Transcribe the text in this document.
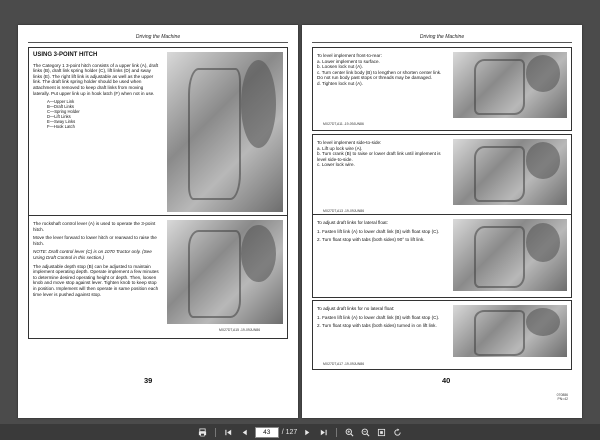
Driving the Machine
USING 3-POINT HITCH

The Category 1 3-point hitch consists of a upper link (A), draft links (B), draft link spring holder (C), lift links (D) and sway links (E). The right lift link is adjustable as well as the upper link. The draft link spring holder should be used when attachment is removed to keep draft links from moving laterally. Put upper link up in hook latch (F) when not in use.

A—Upper Link
B—Draft Links
C—Spring Holder
D—Lift Links
E—Sway Links
F—Hook Latch

The rockshaft control lever (A) is used to operate the 3-point hitch.

Move the lever forward to lower hitch or rearward to raise the hitch.

NOTE: Draft control lever (C) is on 1070 Tractor only. (See Using Draft Control in this section.)

The adjustable depth stop (B) can be adjusted to maintain implement operating depth. Operate implement a few minutes to determine desired operating height or depth. Then, loosen knob and move stop against lever. Tighten knob to keep stop in position. Implement will then operate in same position each time lever is pushed against stop.

MX27DT,A15 -19-09JUN86
39
Driving the Machine
To level implement front-to-rear:
a. Lower implement to surface.
b. Loosen lock nut (A).
c. Turn center link body (B) to lengthen or shorten center link. Do not run body past stops or threads may be damaged.
d. Tighten lock nut (A).
MX27DT,A11 -19-09JUN86
To level implement side-to-side:
a. Lift up lock wire (A).
b. Turn crank (B) to raise or lower draft link until implement is level side-to-side.
c. Lower lock wire.
MX27DT,A13 -19-09JUN86

To adjust draft links for lateral float:

1. Fasten lift link (A) to lower draft link (B) with float stop (C).

2. Turn float stop with tabs (both sides) 90° to lift link.

To adjust draft links for no lateral float:

1. Fasten lift link (A) to lower draft link (B) with float stop (C).

2. Turn float stop with tabs (both sides) turned in on lift link.

MX27DT,A17 -19-09JUN86
40
070886
PN=42
43	/ 127
